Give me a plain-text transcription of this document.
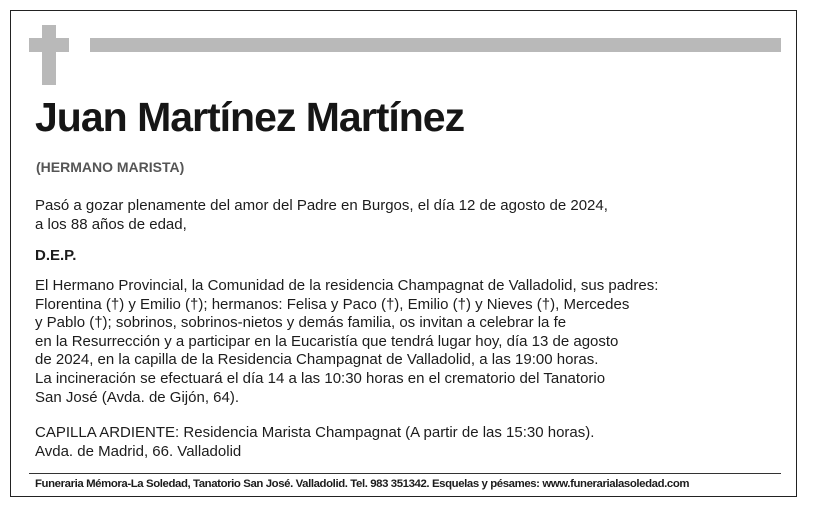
Juan Martínez Martínez
(HERMANO MARISTA)
Pasó a gozar plenamente del amor del Padre en Burgos, el día 12 de agosto de 2024,
a los 88 años de edad,
D.E.P.
El Hermano Provincial, la Comunidad de la residencia Champagnat de Valladolid, sus padres:
Florentina (†) y Emilio (†); hermanos: Felisa y Paco (†), Emilio (†) y Nieves (†), Mercedes
y Pablo (†); sobrinos, sobrinos-nietos y demás familia, os invitan a celebrar la fe
en la Resurrección y a participar en la Eucaristía que tendrá lugar hoy, día 13 de agosto
de 2024, en la capilla de la Residencia Champagnat de Valladolid, a las 19:00 horas.
La incineración se efectuará el día 14 a las 10:30 horas en el crematorio del Tanatorio
San José (Avda. de Gijón, 64).
CAPILLA ARDIENTE: Residencia Marista Champagnat (A partir de las 15:30 horas).
Avda. de Madrid, 66. Valladolid
Funeraria Mémora-La Soledad, Tanatorio San José. Valladolid. Tel. 983 351342. Esquelas y pésames: www.funerarialasoledad.com
